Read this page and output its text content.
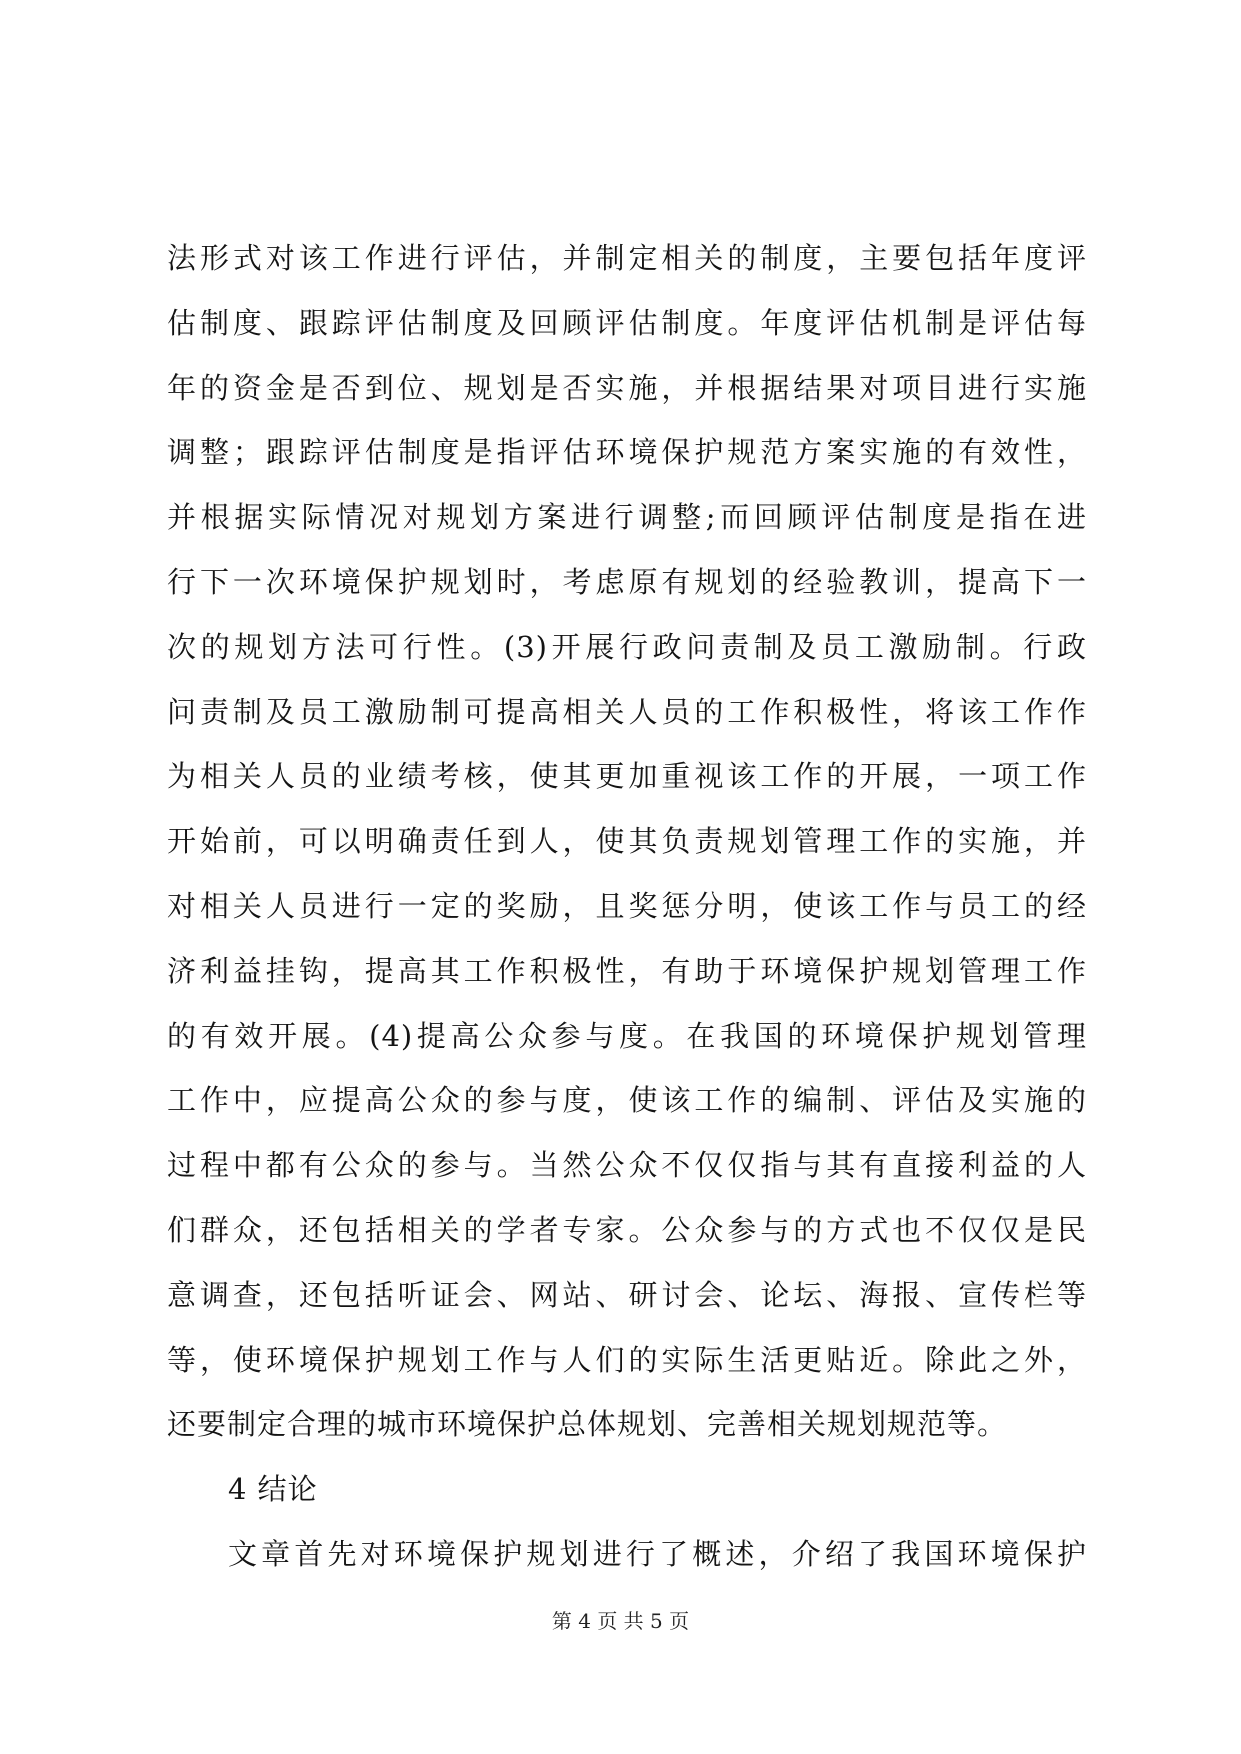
法形式对该工作进行评估，并制定相关的制度，主要包括年度评
估制度、跟踪评估制度及回顾评估制度。年度评估机制是评估每
年的资金是否到位、规划是否实施，并根据结果对项目进行实施
调整；跟踪评估制度是指评估环境保护规范方案实施的有效性，
并根据实际情况对规划方案进行调整;而回顾评估制度是指在进
行下一次环境保护规划时，考虑原有规划的经验教训，提高下一
次的规划方法可行性。(3)开展行政问责制及员工激励制。行政
问责制及员工激励制可提高相关人员的工作积极性，将该工作作
为相关人员的业绩考核，使其更加重视该工作的开展，一项工作
开始前，可以明确责任到人，使其负责规划管理工作的实施，并
对相关人员进行一定的奖励，且奖惩分明，使该工作与员工的经
济利益挂钩，提高其工作积极性，有助于环境保护规划管理工作
的有效开展。(4)提高公众参与度。在我国的环境保护规划管理
工作中，应提高公众的参与度，使该工作的编制、评估及实施的
过程中都有公众的参与。当然公众不仅仅指与其有直接利益的人
们群众，还包括相关的学者专家。公众参与的方式也不仅仅是民
意调查，还包括听证会、网站、研讨会、论坛、海报、宣传栏等
等，使环境保护规划工作与人们的实际生活更贴近。除此之外，
还要制定合理的城市环境保护总体规划、完善相关规划规范等。
4 结论
文章首先对环境保护规划进行了概述，介绍了我国环境保护
第 4 页 共 5 页
